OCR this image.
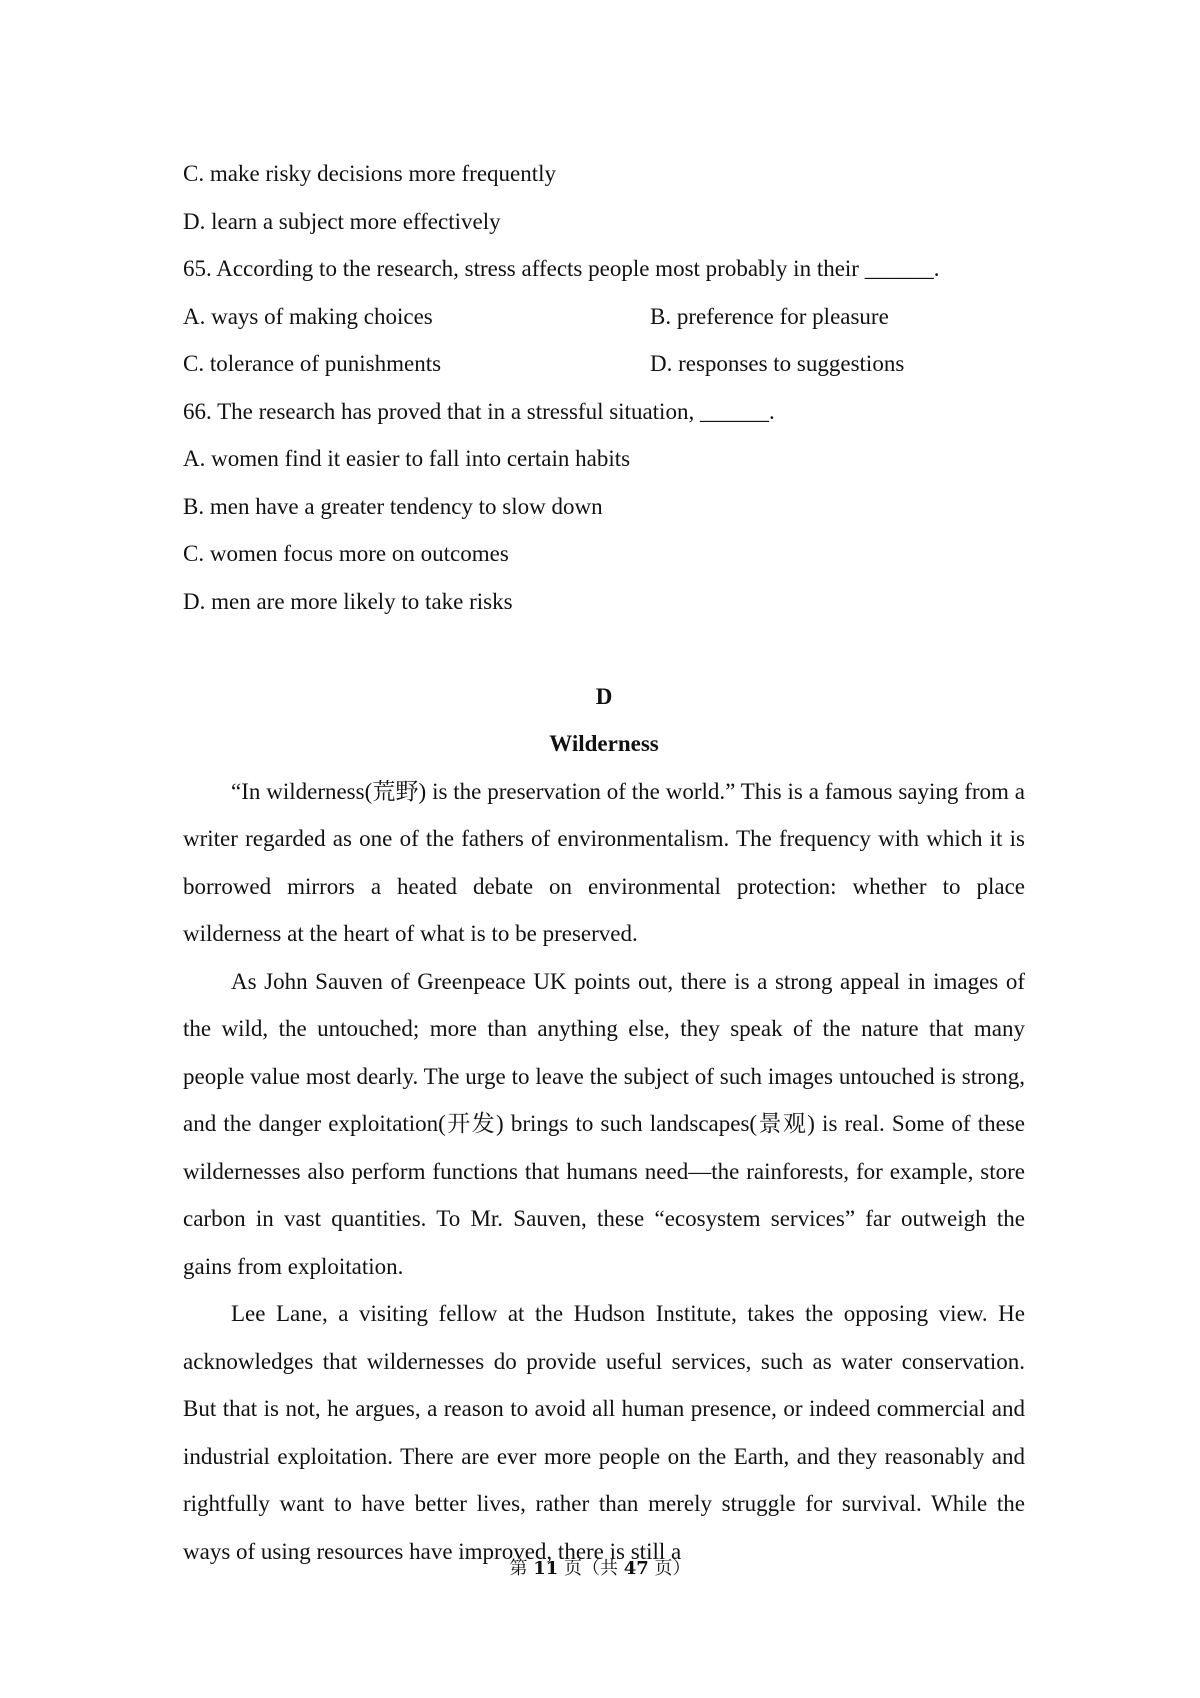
C. make risky decisions more frequently
D. learn a subject more effectively
65. According to the research, stress affects people most probably in their ______.
A. ways of making choices	B. preference for pleasure
C. tolerance of punishments	D. responses to suggestions
66. The research has proved that in a stressful situation, ______.
A. women find it easier to fall into certain habits
B. men have a greater tendency to slow down
C. women focus more on outcomes
D. men are more likely to take risks
D
Wilderness

“In wilderness(荒野) is the preservation of the world.” This is a famous saying from a writer regarded as one of the fathers of environmentalism. The frequency with which it is borrowed mirrors a heated debate on environmental protection: whether to place wilderness at the heart of what is to be preserved.

As John Sauven of Greenpeace UK points out, there is a strong appeal in images of the wild, the untouched; more than anything else, they speak of the nature that many people value most dearly. The urge to leave the subject of such images untouched is strong, and the danger exploitation(开发) brings to such landscapes(景观) is real. Some of these wildernesses also perform functions that humans need—the rainforests, for example, store carbon in vast quantities. To Mr. Sauven, these “ecosystem services” far outweigh the gains from exploitation.

Lee Lane, a visiting fellow at the Hudson Institute, takes the opposing view. He acknowledges that wildernesses do provide useful services, such as water conservation. But that is not, he argues, a reason to avoid all human presence, or indeed commercial and industrial exploitation. There are ever more people on the Earth, and they reasonably and rightfully want to have better lives, rather than merely struggle for survival. While the ways of using resources have improved, there is still a

第 11 页（共 47 页）
